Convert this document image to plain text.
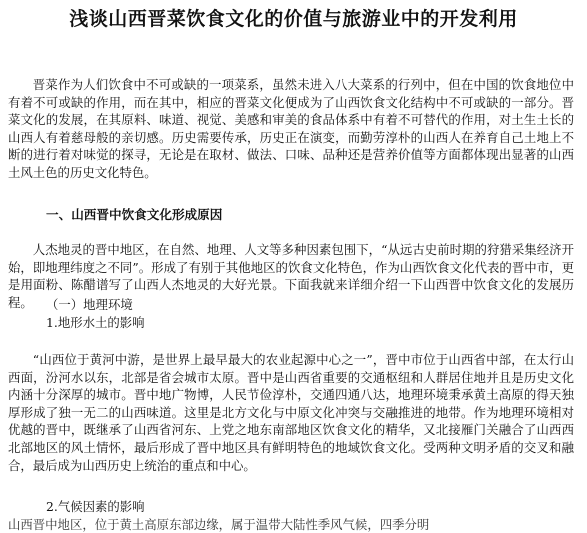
浅谈山西晋菜饮食文化的价值与旅游业中的开发利用

晋菜作为人们饮食中不可或缺的一项菜系，虽然未进入八大菜系的行列中，但在中国的饮食地位中有着不可或缺的作用，而在其中，相应的晋菜文化便成为了山西饮食文化结构中不可或缺的一部分。晋菜文化的发展，在其原料、味道、视觉、美感和审美的食品体系中有着不可替代的作用，对土生土长的山西人有着慈母般的亲切感。历史需要传承，历史正在演变，而勤劳淳朴的山西人在养育自己土地上不断的进行着对味觉的探寻，无论是在取材、做法、口味、品种还是营养价值等方面都体现出显著的山西土风土色的历史文化特色。

一、山西晋中饮食文化形成原因

人杰地灵的晋中地区，在自然、地理、人文等多种因素包围下，“从远古史前时期的狩猎采集经济开始，即地理纬度之不同”。形成了有别于其他地区的饮食文化特色，作为山西饮食文化代表的晋中市，更是用面粉、陈醋谱写了山西人杰地灵的大好光景。下面我就来详细介绍一下山西晋中饮食文化的发展历程。	（一）地理环境
1.地形水土的影响

“山西位于黄河中游，是世界上最早最大的农业起源中心之一”，晋中市位于山西省中部，在太行山西面，汾河水以东，北部是省会城市太原。晋中是山西省重要的交通枢纽和人群居住地并且是历史文化内涵十分深厚的城市。晋中地广物博，人民节俭淳朴，交通四通八达，地理环境秉承黄土高原的得天独厚形成了独一无二的山西味道。这里是北方文化与中原文化冲突与交融推进的地带。作为地理环境相对优越的晋中，既继承了山西省河东、上党之地东南部地区饮食文化的精华，又北接雁门关融合了山西西北部地区的风土情怀，最后形成了晋中地区具有鲜明特色的地域饮食文化。受两种文明矛盾的交叉和融合，最后成为山西历史上统治的重点和中心。

2.气候因素的影响
山西晋中地区，位于黄土高原东部边缘，属于温带大陆性季风气候，四季分明
